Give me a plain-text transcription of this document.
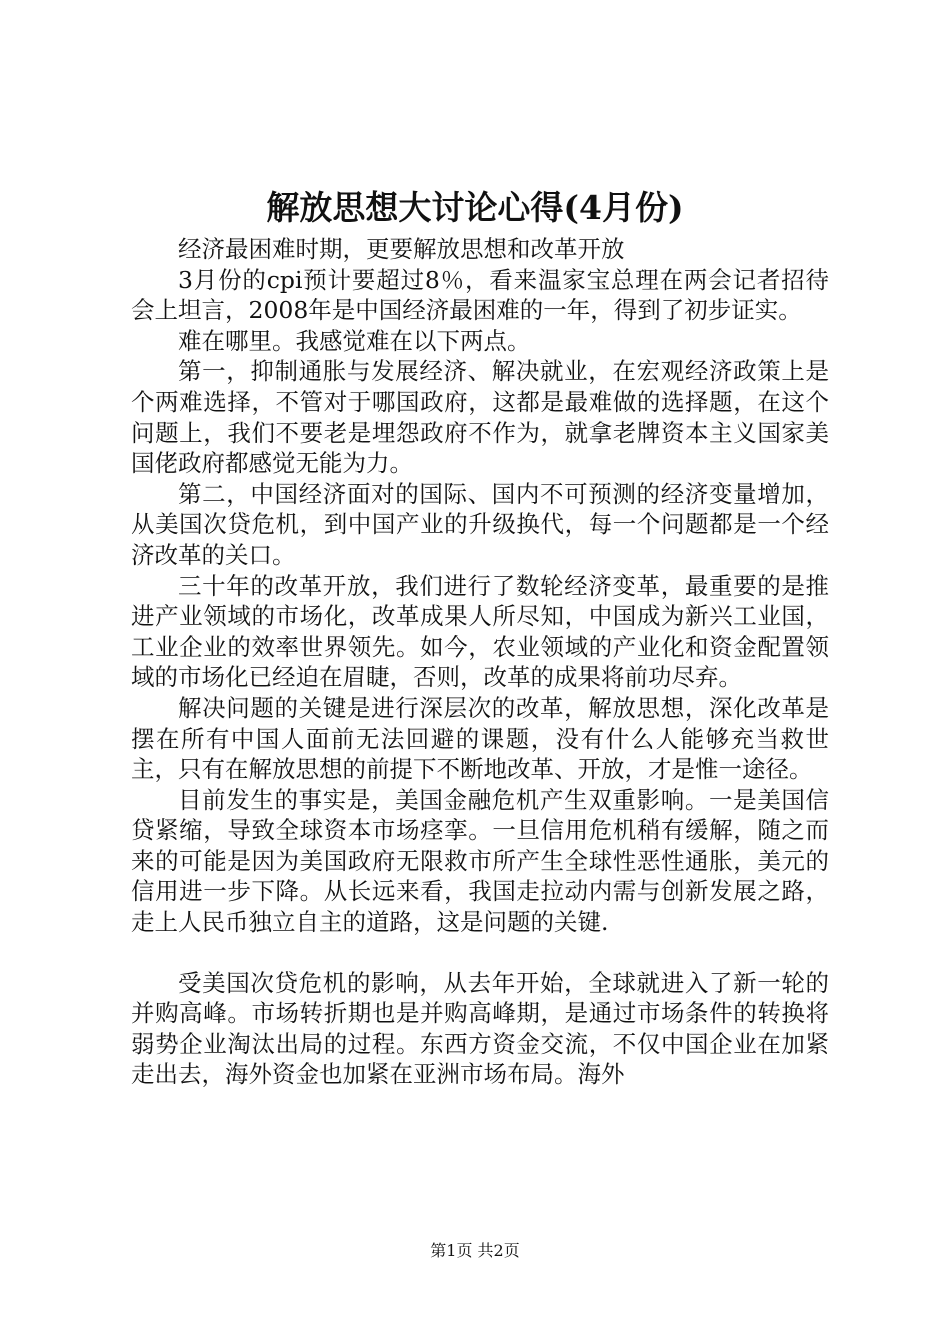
解放思想大讨论心得(4月份)

经济最困难时期，更要解放思想和改革开放

3月份的cpi预计要超过8％，看来温家宝总理在两会记者招待会上坦言，2008年是中国经济最困难的一年，得到了初步证实。

难在哪里。我感觉难在以下两点。

第一，抑制通胀与发展经济、解决就业，在宏观经济政策上是个两难选择，不管对于哪国政府，这都是最难做的选择题，在这个问题上，我们不要老是埋怨政府不作为，就拿老牌资本主义国家美国佬政府都感觉无能为力。

第二，中国经济面对的国际、国内不可预测的经济变量增加，从美国次贷危机，到中国产业的升级换代，每一个问题都是一个经济改革的关口。

三十年的改革开放，我们进行了数轮经济变革，最重要的是推进产业领域的市场化，改革成果人所尽知，中国成为新兴工业国，工业企业的效率世界领先。如今，农业领域的产业化和资金配置领域的市场化已经迫在眉睫，否则，改革的成果将前功尽弃。

解决问题的关键是进行深层次的改革，解放思想，深化改革是摆在所有中国人面前无法回避的课题，没有什么人能够充当救世主，只有在解放思想的前提下不断地改革、开放，才是惟一途径。

目前发生的事实是，美国金融危机产生双重影响。一是美国信贷紧缩，导致全球资本市场痉挛。一旦信用危机稍有缓解，随之而来的可能是因为美国政府无限救市所产生全球性恶性通胀，美元的信用进一步下降。从长远来看，我国走拉动内需与创新发展之路，走上人民币独立自主的道路，这是问题的关键.

受美国次贷危机的影响，从去年开始，全球就进入了新一轮的并购高峰。市场转折期也是并购高峰期，是通过市场条件的转换将弱势企业淘汰出局的过程。东西方资金交流，不仅中国企业在加紧走出去，海外资金也加紧在亚洲市场布局。海外

第1页 共2页
